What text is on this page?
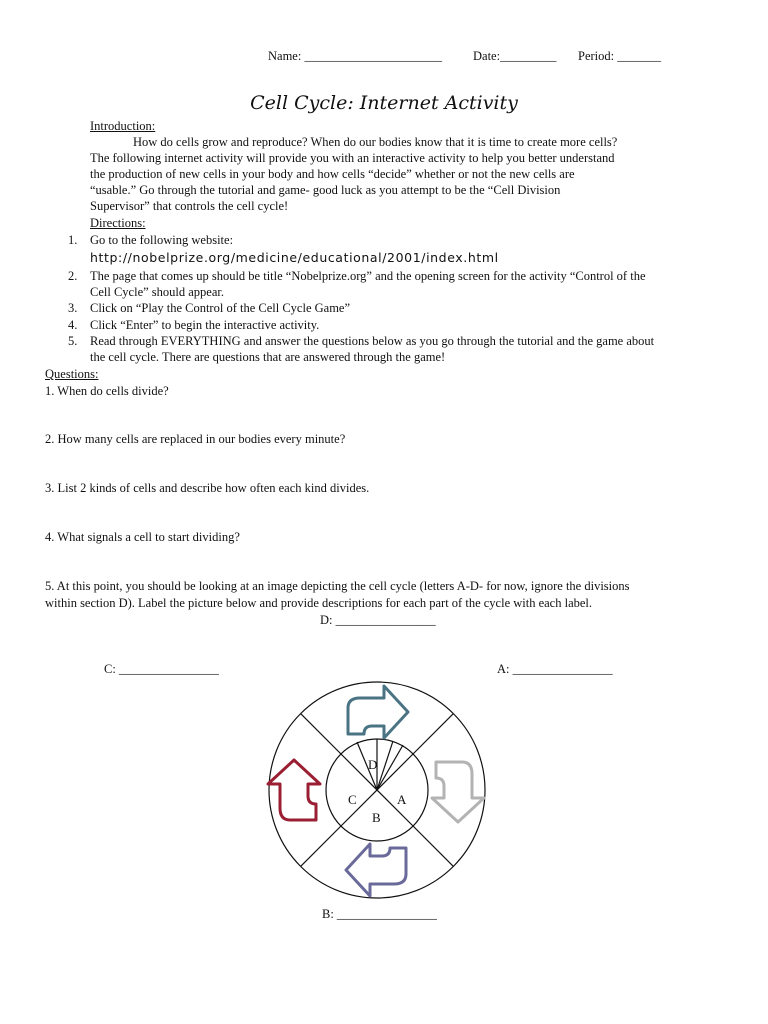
Name: ______________________ Date:_________ Period: _______
Cell Cycle: Internet Activity
Introduction:
How do cells grow and reproduce? When do our bodies know that it is time to create more cells?
The following internet activity will provide you with an interactive activity to help you better understand
the production of new cells in your body and how cells “decide” whether or not the new cells are
“usable.” Go through the tutorial and game- good luck as you attempt to be the “Cell Division
Supervisor” that controls the cell cycle!
Directions:
1. Go to the following website:
http://nobelprize.org/medicine/educational/2001/index.html
2. The page that comes up should be title “Nobelprize.org” and the opening screen for the activity “Control of the
Cell Cycle” should appear.
3. Click on “Play the Control of the Cell Cycle Game”
4. Click “Enter” to begin the interactive activity.
5. Read through EVERYTHING and answer the questions below as you go through the tutorial and the game about
the cell cycle. There are questions that are answered through the game!
Questions:
1. When do cells divide?
2. How many cells are replaced in our bodies every minute?
3. List 2 kinds of cells and describe how often each kind divides.
4. What signals a cell to start dividing?
5. At this point, you should be looking at an image depicting the cell cycle (letters A-D- for now, ignore the divisions
within section D). Label the picture below and provide descriptions for each part of the cycle with each label.
D: ________________
C: ________________	A: ________________
B: ________________
D
A
C
B
